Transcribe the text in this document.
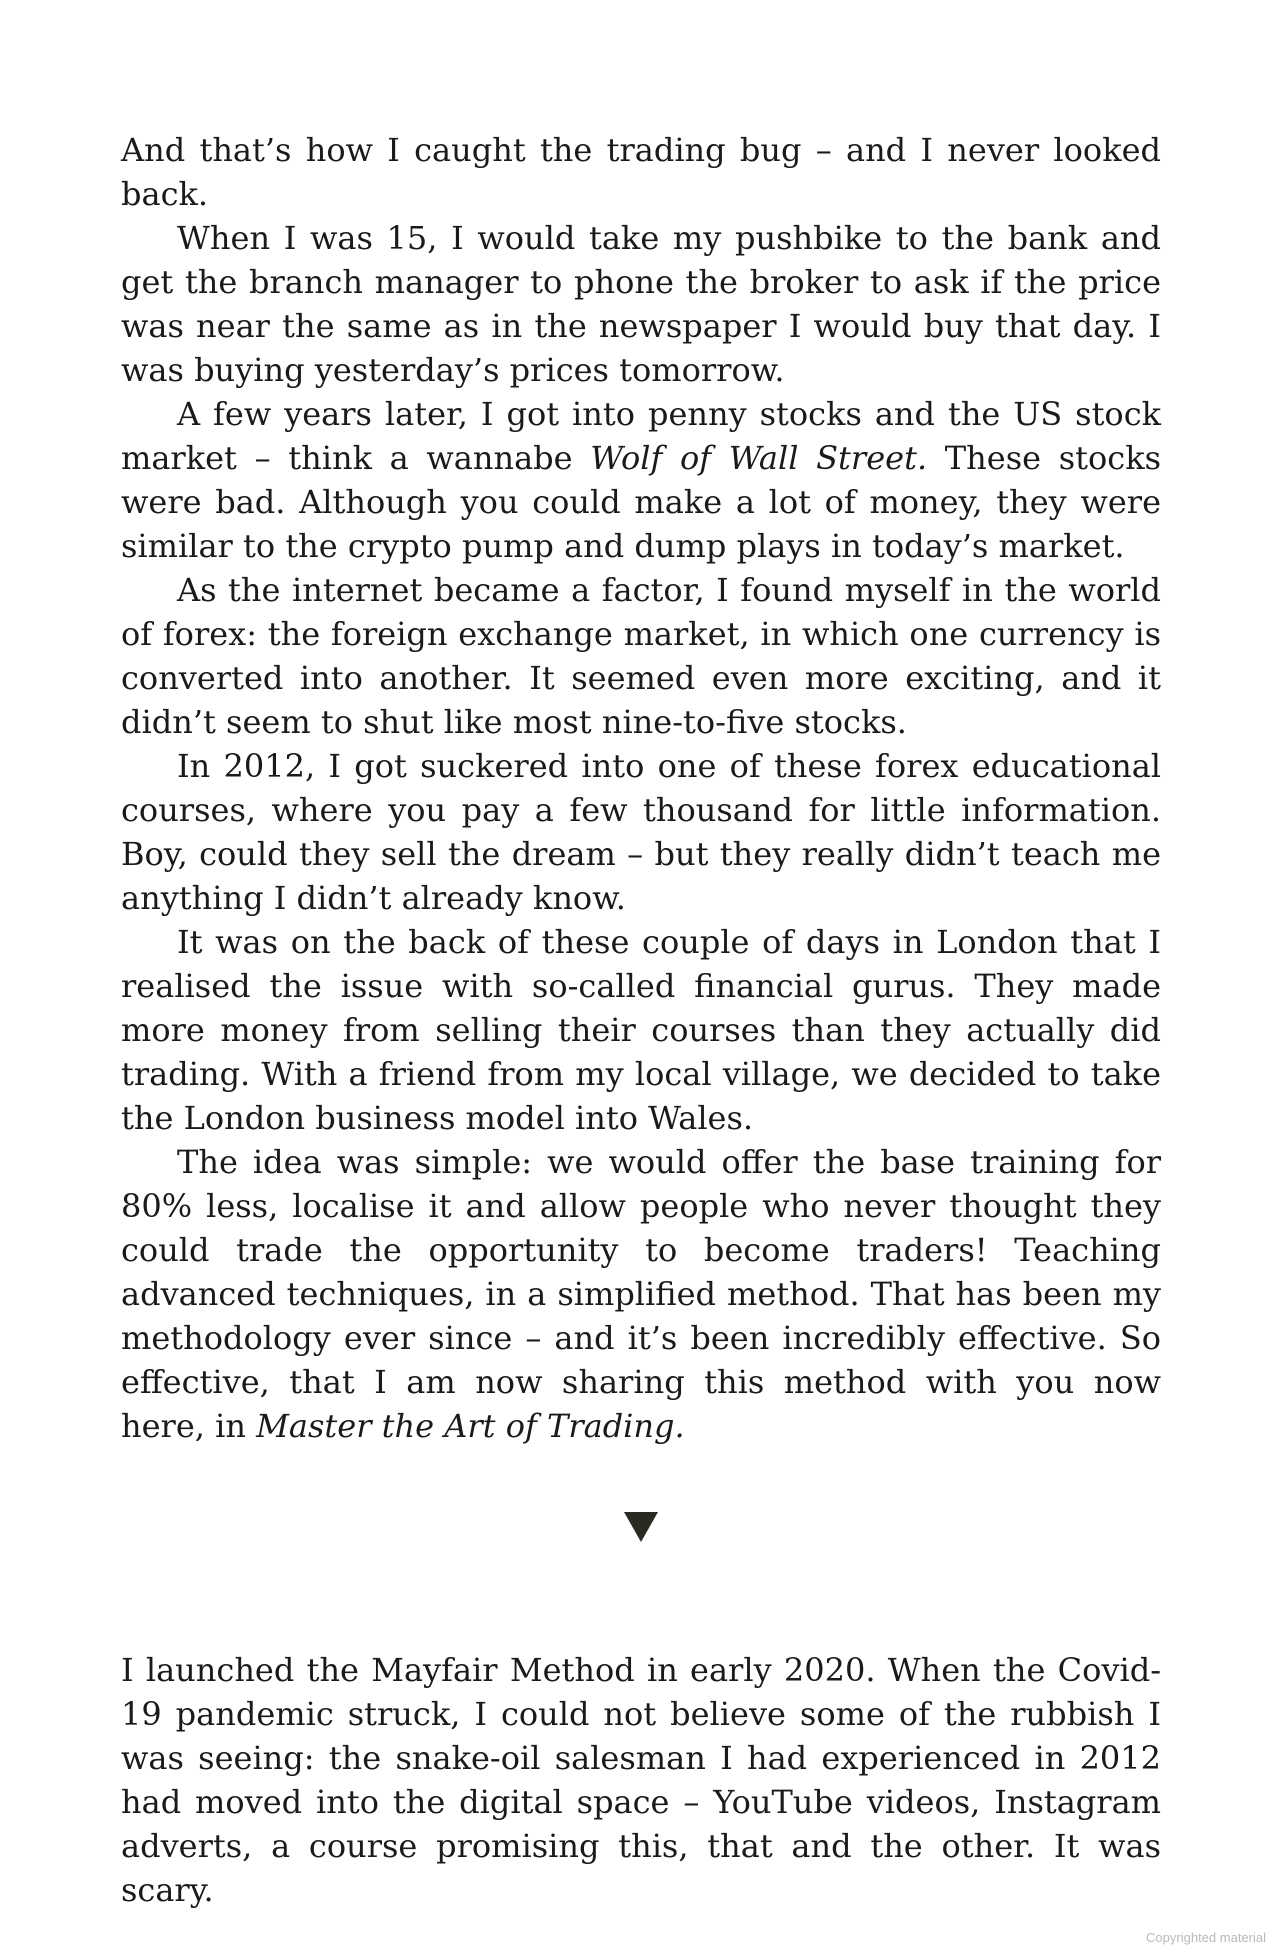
And that’s how I caught the trading bug – and I never looked back.

When I was 15, I would take my pushbike to the bank and get the branch manager to phone the broker to ask if the price was near the same as in the newspaper I would buy that day. I was buying yesterday’s prices tomorrow.

A few years later, I got into penny stocks and the US stock market – think a wannabe Wolf of Wall Street. These stocks were bad. Although you could make a lot of money, they were similar to the crypto pump and dump plays in today’s market.

As the internet became a factor, I found myself in the world of forex: the foreign exchange market, in which one currency is converted into another. It seemed even more exciting, and it didn’t seem to shut like most nine-to-five stocks.

In 2012, I got suckered into one of these forex educational courses, where you pay a few thousand for little information. Boy, could they sell the dream – but they really didn’t teach me anything I didn’t already know.

It was on the back of these couple of days in London that I realised the issue with so-called financial gurus. They made more money from selling their courses than they actually did trading. With a friend from my local village, we decided to take the London business model into Wales.

The idea was simple: we would offer the base training for 80% less, localise it and allow people who never thought they could trade the opportunity to become traders! Teaching advanced techniques, in a simplified method. That has been my methodology ever since – and it’s been incredibly effective. So effective, that I am now sharing this method with you now here, in Master the Art of Trading.

I launched the Mayfair Method in early 2020. When the Covid-19 pandemic struck, I could not believe some of the rubbish I was seeing: the snake-oil salesman I had experienced in 2012 had moved into the digital space – YouTube videos, Instagram adverts, a course promising this, that and the other. It was scary.

Copyrighted material
